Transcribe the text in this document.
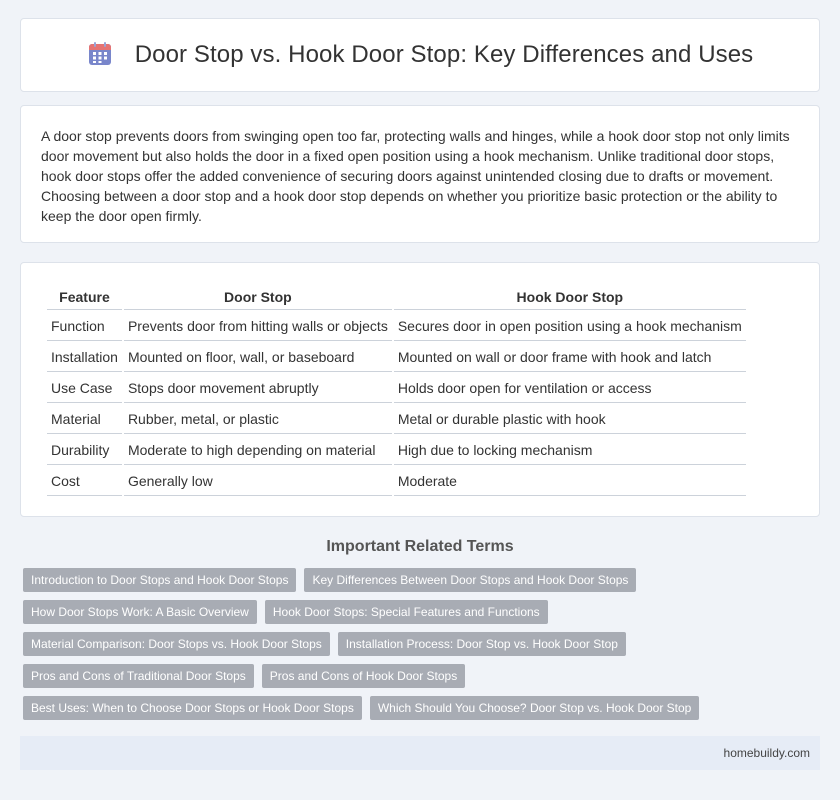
Door Stop vs. Hook Door Stop: Key Differences and Uses

A door stop prevents doors from swinging open too far, protecting walls and hinges, while a hook door stop not only limits door movement but also holds the door in a fixed open position using a hook mechanism. Unlike traditional door stops, hook door stops offer the added convenience of securing doors against unintended closing due to drafts or movement. Choosing between a door stop and a hook door stop depends on whether you prioritize basic protection or the ability to keep the door open firmly.

Feature	Door Stop	Hook Door Stop
Function	Prevents door from hitting walls or objects	Secures door in open position using a hook mechanism
Installation	Mounted on floor, wall, or baseboard	Mounted on wall or door frame with hook and latch
Use Case	Stops door movement abruptly	Holds door open for ventilation or access
Material	Rubber, metal, or plastic	Metal or durable plastic with hook
Durability	Moderate to high depending on material	High due to locking mechanism
Cost	Generally low	Moderate
Important Related Terms
Introduction to Door Stops and Hook Door Stops	Key Differences Between Door Stops and Hook Door Stops
How Door Stops Work: A Basic Overview	Hook Door Stops: Special Features and Functions
Material Comparison: Door Stops vs. Hook Door Stops	Installation Process: Door Stop vs. Hook Door Stop
Pros and Cons of Traditional Door Stops	Pros and Cons of Hook Door Stops
Best Uses: When to Choose Door Stops or Hook Door Stops	Which Should You Choose? Door Stop vs. Hook Door Stop
homebuildy.com
